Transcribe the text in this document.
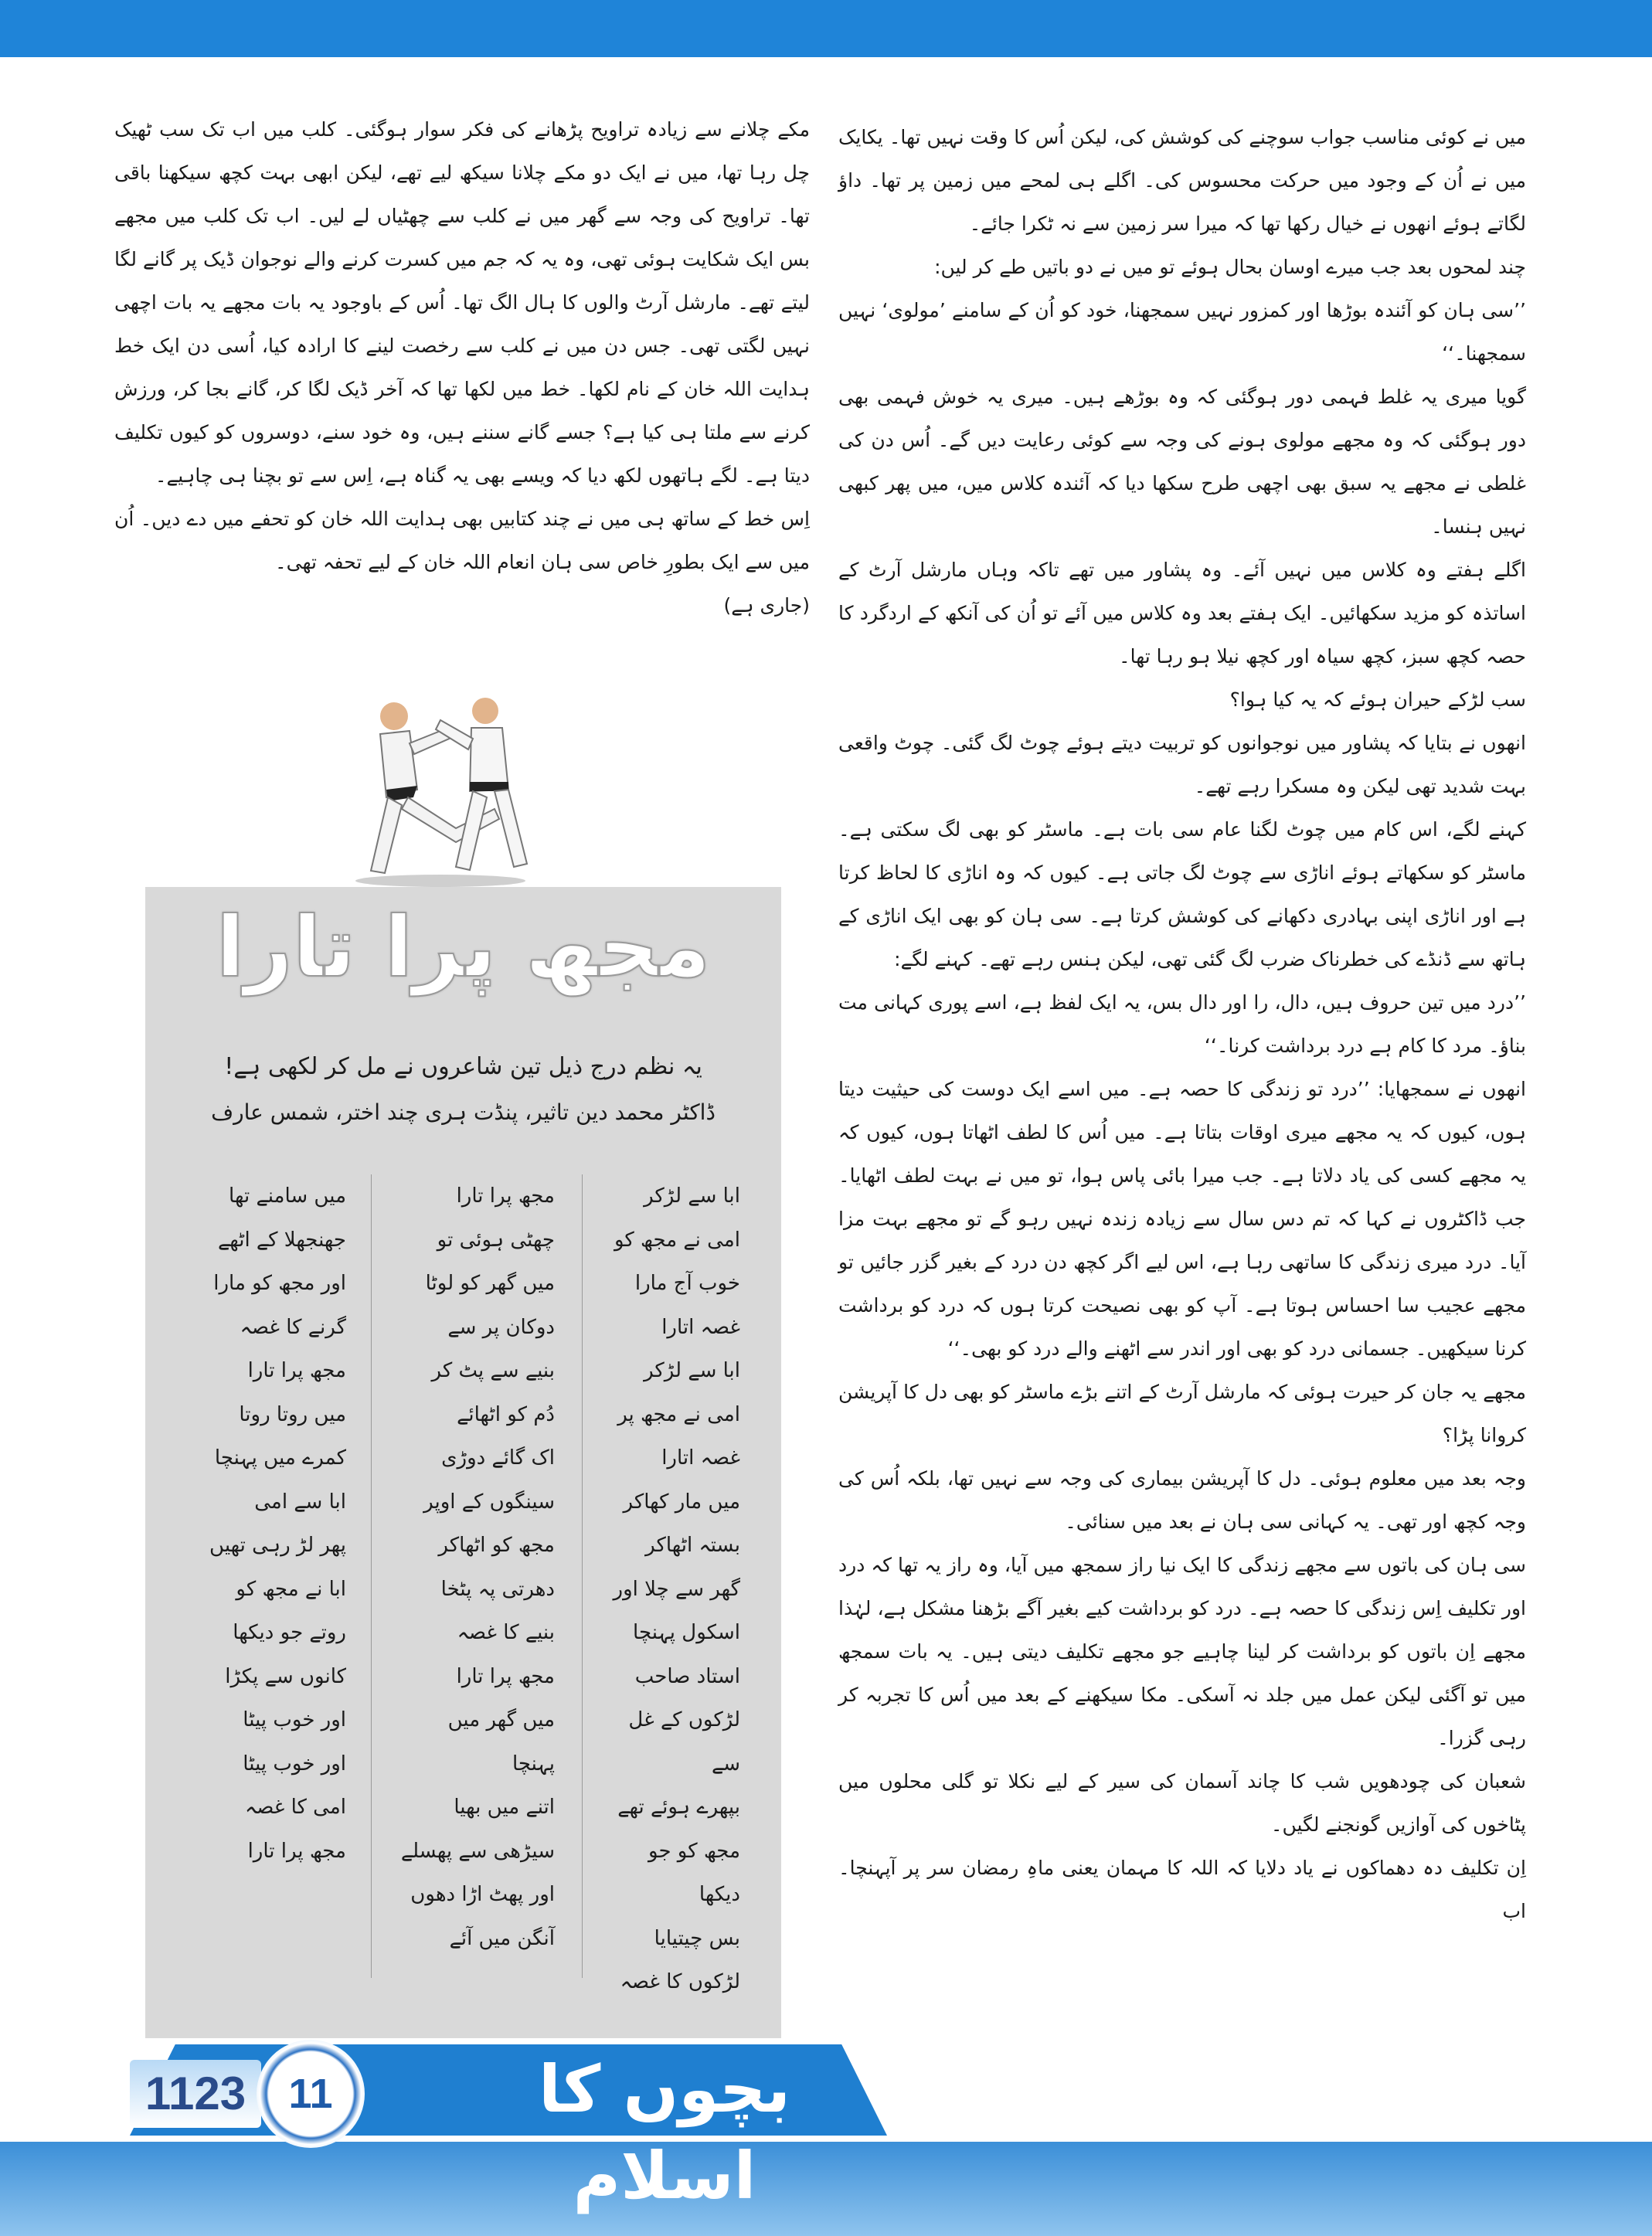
میں نے کوئی مناسب جواب سوچنے کی کوشش کی، لیکن اُس کا وقت نہیں تھا۔ یکایک میں نے اُن کے وجود میں حرکت محسوس کی۔ اگلے ہی لمحے میں زمین پر تھا۔ داؤ لگاتے ہوئے انھوں نے خیال رکھا تھا کہ میرا سر زمین سے نہ ٹکرا جائے۔

چند لمحوں بعد جب میرے اوسان بحال ہوئے تو میں نے دو باتیں طے کر لیں:

’’سی ہان کو آئندہ بوڑھا اور کمزور نہیں سمجھنا، خود کو اُن کے سامنے ’مولوی‘ نہیں سمجھنا۔‘‘

گویا میری یہ غلط فہمی دور ہوگئی کہ وہ بوڑھے ہیں۔ میری یہ خوش فہمی بھی دور ہوگئی کہ وہ مجھے مولوی ہونے کی وجہ سے کوئی رعایت دیں گے۔ اُس دن کی غلطی نے مجھے یہ سبق بھی اچھی طرح سکھا دیا کہ آئندہ کلاس میں، میں پھر کبھی نہیں ہنسا۔

اگلے ہفتے وہ کلاس میں نہیں آئے۔ وہ پشاور میں تھے تاکہ وہاں مارشل آرٹ کے اساتذہ کو مزید سکھائیں۔ ایک ہفتے بعد وہ کلاس میں آئے تو اُن کی آنکھ کے اردگرد کا حصہ کچھ سبز، کچھ سیاہ اور کچھ نیلا ہو رہا تھا۔

سب لڑکے حیران ہوئے کہ یہ کیا ہوا؟

انھوں نے بتایا کہ پشاور میں نوجوانوں کو تربیت دیتے ہوئے چوٹ لگ گئی۔ چوٹ واقعی بہت شدید تھی لیکن وہ مسکرا رہے تھے۔

کہنے لگے، اس کام میں چوٹ لگنا عام سی بات ہے۔ ماسٹر کو بھی لگ سکتی ہے۔ ماسٹر کو سکھاتے ہوئے اناڑی سے چوٹ لگ جاتی ہے۔ کیوں کہ وہ اناڑی کا لحاظ کرتا ہے اور اناڑی اپنی بہادری دکھانے کی کوشش کرتا ہے۔ سی ہان کو بھی ایک اناڑی کے ہاتھ سے ڈنڈے کی خطرناک ضرب لگ گئی تھی، لیکن ہنس رہے تھے۔ کہنے لگے:

’’درد میں تین حروف ہیں، دال، را اور دال بس، یہ ایک لفظ ہے، اسے پوری کہانی مت بناؤ۔ مرد کا کام ہے درد برداشت کرنا۔‘‘

انھوں نے سمجھایا: ’’درد تو زندگی کا حصہ ہے۔ میں اسے ایک دوست کی حیثیت دیتا ہوں، کیوں کہ یہ مجھے میری اوقات بتاتا ہے۔ میں اُس کا لطف اٹھاتا ہوں، کیوں کہ یہ مجھے کسی کی یاد دلاتا ہے۔ جب میرا بائی پاس ہوا، تو میں نے بہت لطف اٹھایا۔ جب ڈاکٹروں نے کہا کہ تم دس سال سے زیادہ زندہ نہیں رہو گے تو مجھے بہت مزا آیا۔ درد میری زندگی کا ساتھی رہا ہے، اس لیے اگر کچھ دن درد کے بغیر گزر جائیں تو مجھے عجیب سا احساس ہوتا ہے۔ آپ کو بھی نصیحت کرتا ہوں کہ درد کو برداشت کرنا سیکھیں۔ جسمانی درد کو بھی اور اندر سے اٹھنے والے درد کو بھی۔‘‘

مجھے یہ جان کر حیرت ہوئی کہ مارشل آرٹ کے اتنے بڑے ماسٹر کو بھی دل کا آپریشن کروانا پڑا؟

وجہ بعد میں معلوم ہوئی۔ دل کا آپریشن بیماری کی وجہ سے نہیں تھا، بلکہ اُس کی وجہ کچھ اور تھی۔ یہ کہانی سی ہان نے بعد میں سنائی۔

سی ہان کی باتوں سے مجھے زندگی کا ایک نیا راز سمجھ میں آیا، وہ راز یہ تھا کہ درد اور تکلیف اِس زندگی کا حصہ ہے۔ درد کو برداشت کیے بغیر آگے بڑھنا مشکل ہے، لہٰذا مجھے اِن باتوں کو برداشت کر لینا چاہیے جو مجھے تکلیف دیتی ہیں۔ یہ بات سمجھ میں تو آگئی لیکن عمل میں جلد نہ آسکی۔ مکا سیکھنے کے بعد میں اُس کا تجربہ کر رہی گزرا۔

شعبان کی چودھویں شب کا چاند آسمان کی سیر کے لیے نکلا تو گلی محلوں میں پٹاخوں کی آوازیں گونجنے لگیں۔

اِن تکلیف دہ دھماکوں نے یاد دلایا کہ اللہ کا مہمان یعنی ماہِ رمضان سر پر آپہنچا۔ اب

مکے چلانے سے زیادہ تراویح پڑھانے کی فکر سوار ہوگئی۔ کلب میں اب تک سب ٹھیک چل رہا تھا، میں نے ایک دو مکے چلانا سیکھ لیے تھے، لیکن ابھی بہت کچھ سیکھنا باقی تھا۔ تراویح کی وجہ سے گھر میں نے کلب سے چھٹیاں لے لیں۔ اب تک کلب میں مجھے بس ایک شکایت ہوئی تھی، وہ یہ کہ جم میں کسرت کرنے والے نوجوان ڈیک پر گانے لگا لیتے تھے۔ مارشل آرٹ والوں کا ہال الگ تھا۔ اُس کے باوجود یہ بات مجھے یہ بات اچھی نہیں لگتی تھی۔ جس دن میں نے کلب سے رخصت لینے کا ارادہ کیا، اُسی دن ایک خط ہدایت اللہ خان کے نام لکھا۔ خط میں لکھا تھا کہ آخر ڈیک لگا کر، گانے بجا کر، ورزش کرنے سے ملتا ہی کیا ہے؟ جسے گانے سننے ہیں، وہ خود سنے، دوسروں کو کیوں تکلیف دیتا ہے۔ لگے ہاتھوں لکھ دیا کہ ویسے بھی یہ گناہ ہے، اِس سے تو بچنا ہی چاہیے۔

اِس خط کے ساتھ ہی میں نے چند کتابیں بھی ہدایت اللہ خان کو تحفے میں دے دیں۔ اُن میں سے ایک بطورِ خاص سی ہان انعام اللہ خان کے لیے تحفہ تھی۔

(جاری ہے)
مجھ پرا تارا
یہ نظم درج ذیل تین شاعروں نے مل کر لکھی ہے!
ڈاکٹر محمد دین تاثیر، پنڈت ہری چند اختر، شمس عارف
ابا سے لڑکر
امی نے مجھ کو
خوب آج مارا
غصہ اتارا
ابا سے لڑکر
امی نے مجھ پر
غصہ اتارا
میں مار کھاکر
بستہ اٹھاکر
گھر سے چلا اور
اسکول پہنچا
استاد صاحب
لڑکوں کے غل سے
بپھرے ہوئے تھے
مجھ کو جو دیکھا
بس چیتیایا
لڑکوں کا غصہ
مجھ پرا تارا
چھٹی ہوئی تو
میں گھر کو لوٹا
دوکان پر سے
بنیے سے پٹ کر
دُم کو اٹھائے
اک گائے دوڑی
سینگوں کے اوپر
مجھ کو اٹھاکر
دھرتی پہ پٹخا
بنیے کا غصہ
مجھ پرا تارا
میں گھر میں پہنچا
اتنے میں بھیا
سیڑھی سے پھسلے
اور پھٹ اڑا دھوں
آنگن میں آئے
میں سامنے تھا
جھنجھلا کے اٹھے
اور مجھ کو مارا
گرنے کا غصہ
مجھ پرا تارا
میں روتا روتا
کمرے میں پہنچا
ابا سے امی
پھر لڑ رہی تھیں
ابا نے مجھ کو
روتے جو دیکھا
کانوں سے پکڑا
اور خوب پیٹا
اور خوب پیٹا
امی کا غصہ
مجھ پرا تارا
1123	11	بچوں کا اسلام
